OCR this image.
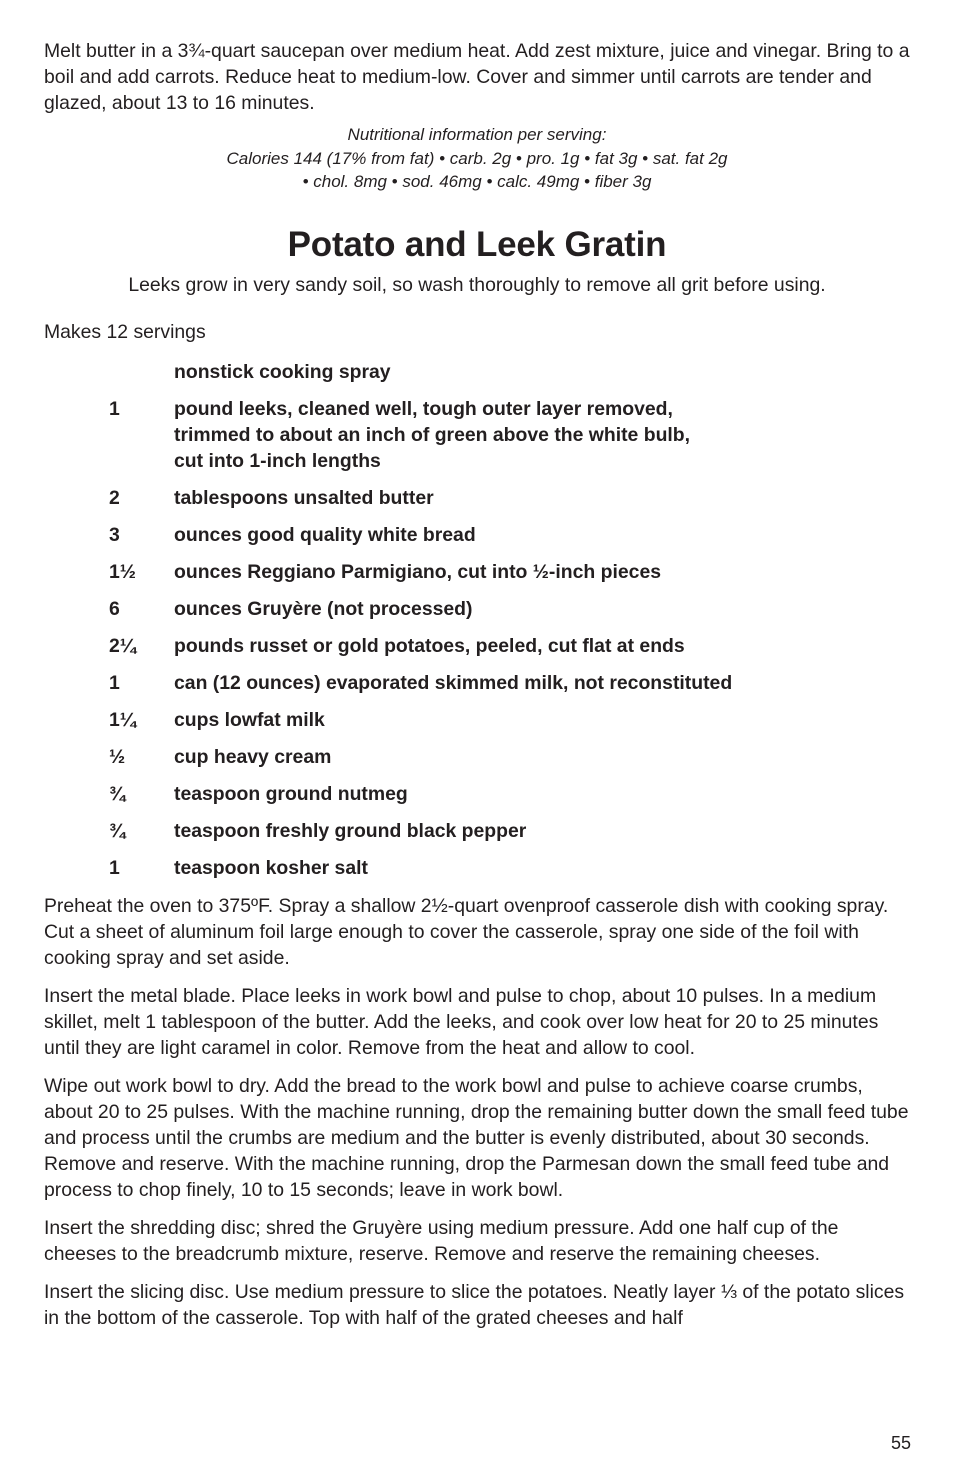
Melt butter in a 3¾-quart saucepan over medium heat. Add zest mixture, juice and vinegar. Bring to a boil and add carrots. Reduce heat to medium-low. Cover and simmer until carrots are tender and glazed, about 13 to 16 minutes.

Nutritional information per serving:
Calories 144 (17% from fat) • carb. 2g • pro. 1g • fat 3g • sat. fat 2g
• chol. 8mg • sod. 46mg • calc. 49mg • fiber 3g
Potato and Leek Gratin
Leeks grow in very sandy soil, so wash thoroughly to remove all grit before using.
Makes 12 servings
nonstick cooking spray
1	pound leeks, cleaned well, tough outer layer removed,
trimmed to about an inch of green above the white bulb,
cut into 1-inch lengths
2	tablespoons unsalted butter
3	ounces good quality white bread
1½	ounces Reggiano Parmigiano, cut into ½-inch pieces
6	ounces Gruyère (not processed)
2¼	pounds russet or gold potatoes, peeled, cut flat at ends
1	can (12 ounces) evaporated skimmed milk, not reconstituted
1¼	cups lowfat milk
½	cup heavy cream
¾	teaspoon ground nutmeg
¾	teaspoon freshly ground black pepper
1	teaspoon kosher salt

Preheat the oven to 375ºF. Spray a shallow 2½-quart ovenproof casserole dish with cooking spray. Cut a sheet of aluminum foil large enough to cover the casserole, spray one side of the foil with cooking spray and set aside.

Insert the metal blade. Place leeks in work bowl and pulse to chop, about 10 pulses. In a medium skillet, melt 1 tablespoon of the butter. Add the leeks, and cook over low heat for 20 to 25 minutes until they are light caramel in color. Remove from the heat and allow to cool.

Wipe out work bowl to dry. Add the bread to the work bowl and pulse to achieve coarse crumbs, about 20 to 25 pulses. With the machine running, drop the remaining butter down the small feed tube and process until the crumbs are medium and the butter is evenly distributed, about 30 seconds. Remove and reserve. With the machine running, drop the Parmesan down the small feed tube and process to chop finely, 10 to 15 seconds; leave in work bowl.

Insert the shredding disc; shred the Gruyère using medium pressure. Add one half cup of the cheeses to the breadcrumb mixture, reserve. Remove and reserve the remaining cheeses.

Insert the slicing disc. Use medium pressure to slice the potatoes. Neatly layer ⅓ of the potato slices in the bottom of the casserole. Top with half of the grated cheeses and half

55
